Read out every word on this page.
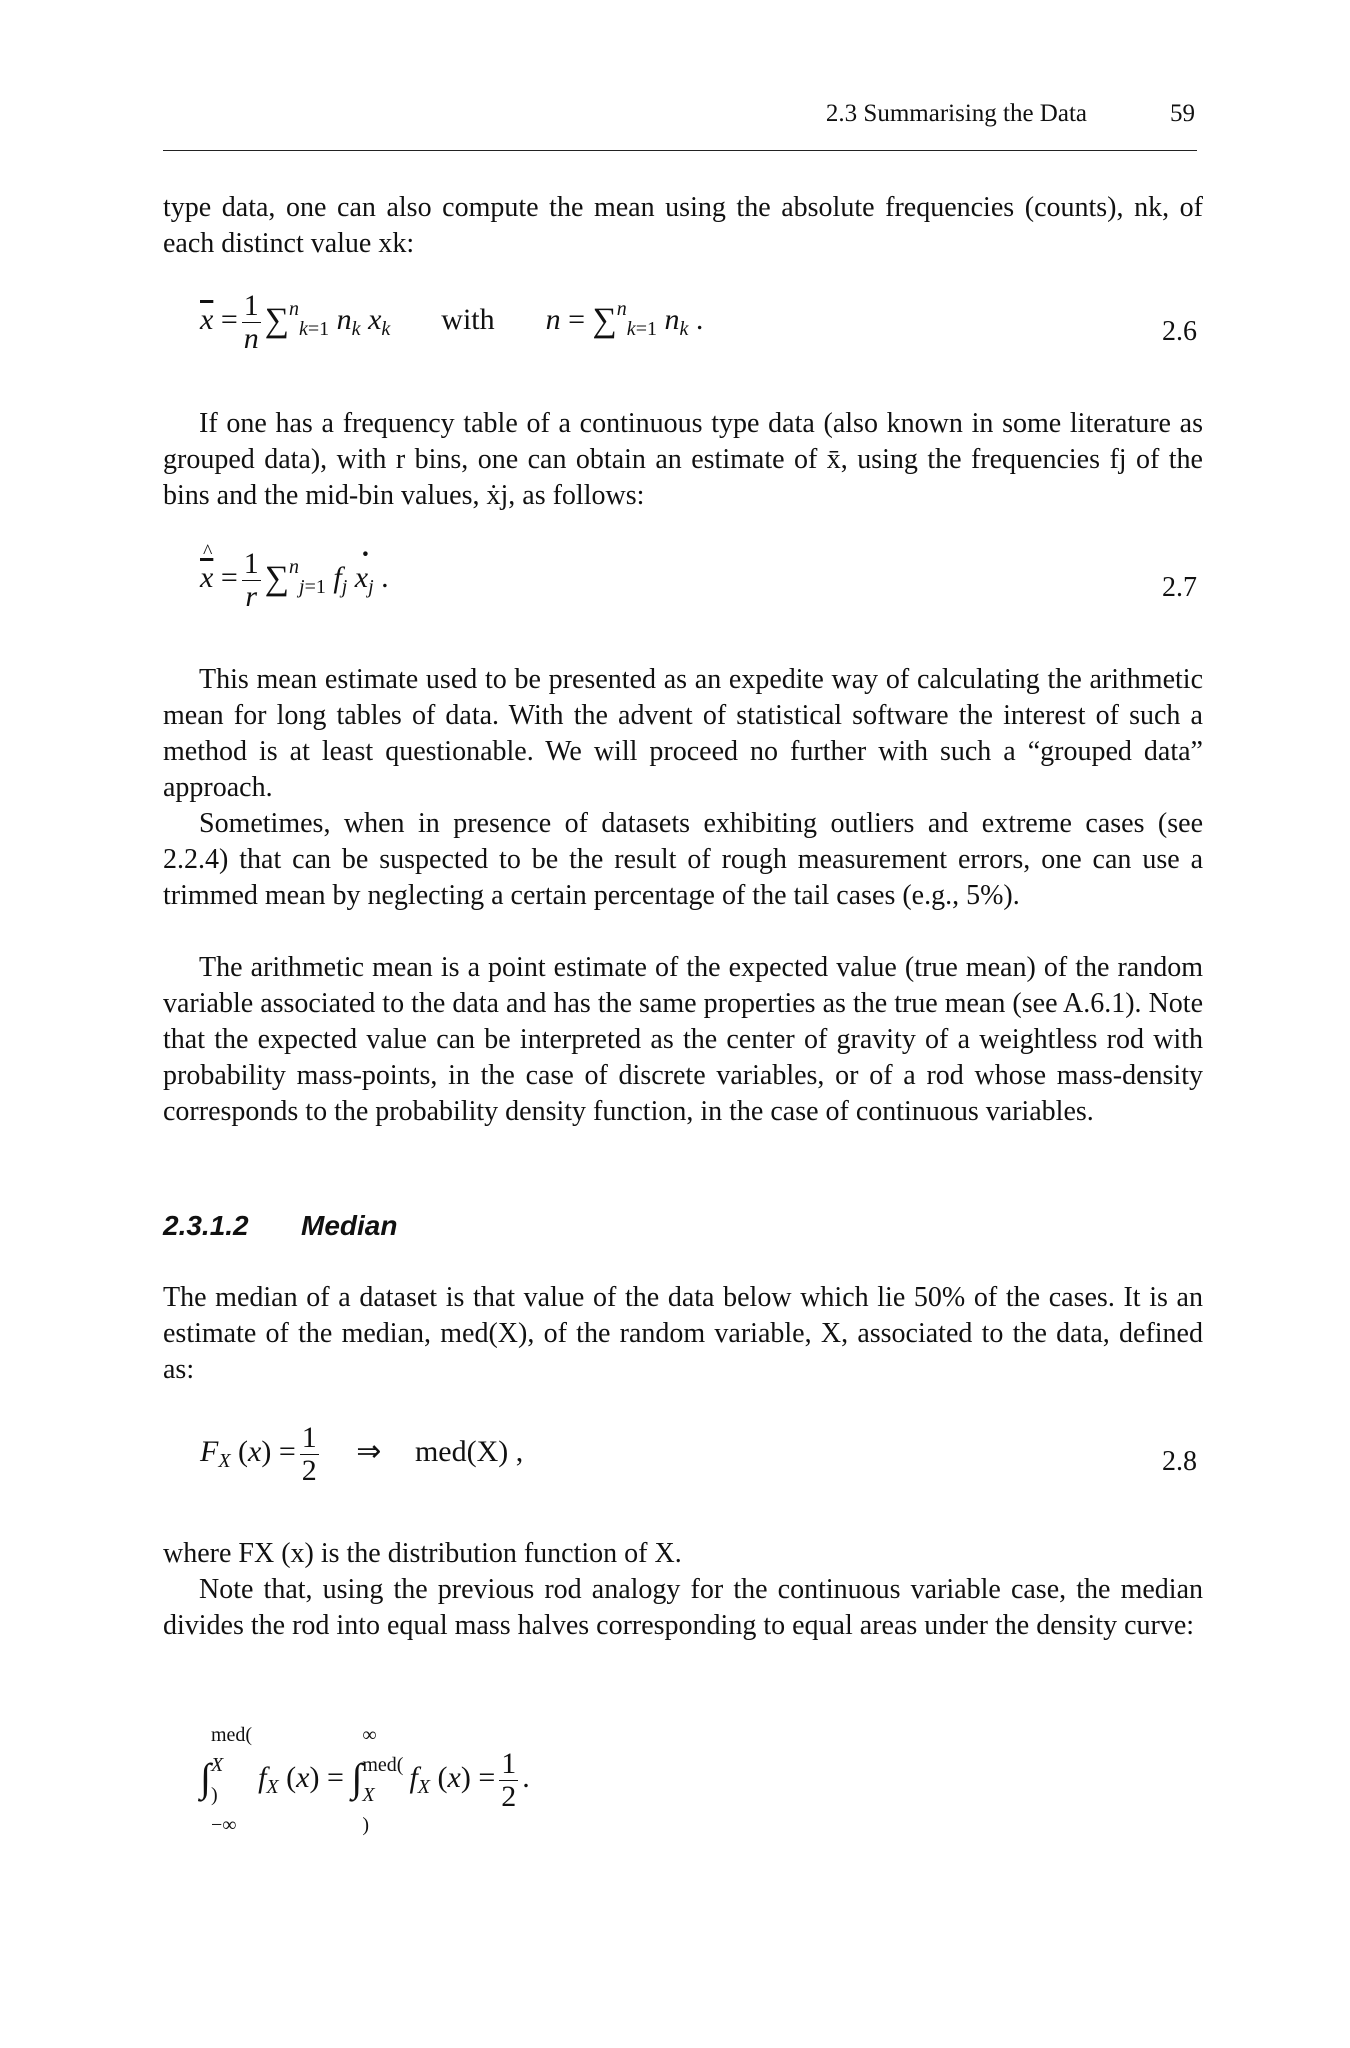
2.3 Summarising the Data	59
type data, one can also compute the mean using the absolute frequencies (counts), nk, of each distinct value xk:
$\overline{x} = \frac{1}{n} \sum^n_{k=1}$ $n_k$ $x_k$ with n = ∑$^n_{k=1}$ $n_k$ .	2.6
If one has a frequency table of a continuous type data (also known in some literature as grouped data), with r bins, one can obtain an estimate of x̄, using the frequencies fj of the bins and the mid-bin values, ẋj, as follows:
$\overline{x}$ ^ = $\frac{1}{r} \sum^n_{j=1}$ $f_j$ $x \cdot_j$ .	2.7
This mean estimate used to be presented as an expedite way of calculating the arithmetic mean for long tables of data. With the advent of statistical software the interest of such a method is at least questionable. We will proceed no further with such a “grouped data” approach.
Sometimes, when in presence of datasets exhibiting outliers and extreme cases (see 2.2.4) that can be suspected to be the result of rough measurement errors, one can use a trimmed mean by neglecting a certain percentage of the tail cases (e.g., 5%).
The arithmetic mean is a point estimate of the expected value (true mean) of the random variable associated to the data and has the same properties as the true mean (see A.6.1). Note that the expected value can be interpreted as the center of gravity of a weightless rod with probability mass-points, in the case of discrete variables, or of a rod whose mass-density corresponds to the probability density function, in the case of continuous variables.
2.3.1.2 Median
The median of a dataset is that value of the data below which lie 50% of the cases. It is an estimate of the median, med(X), of the random variable, X, associated to the data, defined as:
$F_X$ $(x) = \frac{1}{2}$ ⇒ med(X) ,	2.8
where FX (x) is the distribution function of X.
Note that, using the previous rod analogy for the continuous variable case, the median divides the rod into equal mass halves corresponding to equal areas under the density curve:
∫
med(
X
)
−∞
$f_X$ (x) = ∫
∞
med(
X
)
$f_X$ $(x) = \frac{1}{2}$ .
